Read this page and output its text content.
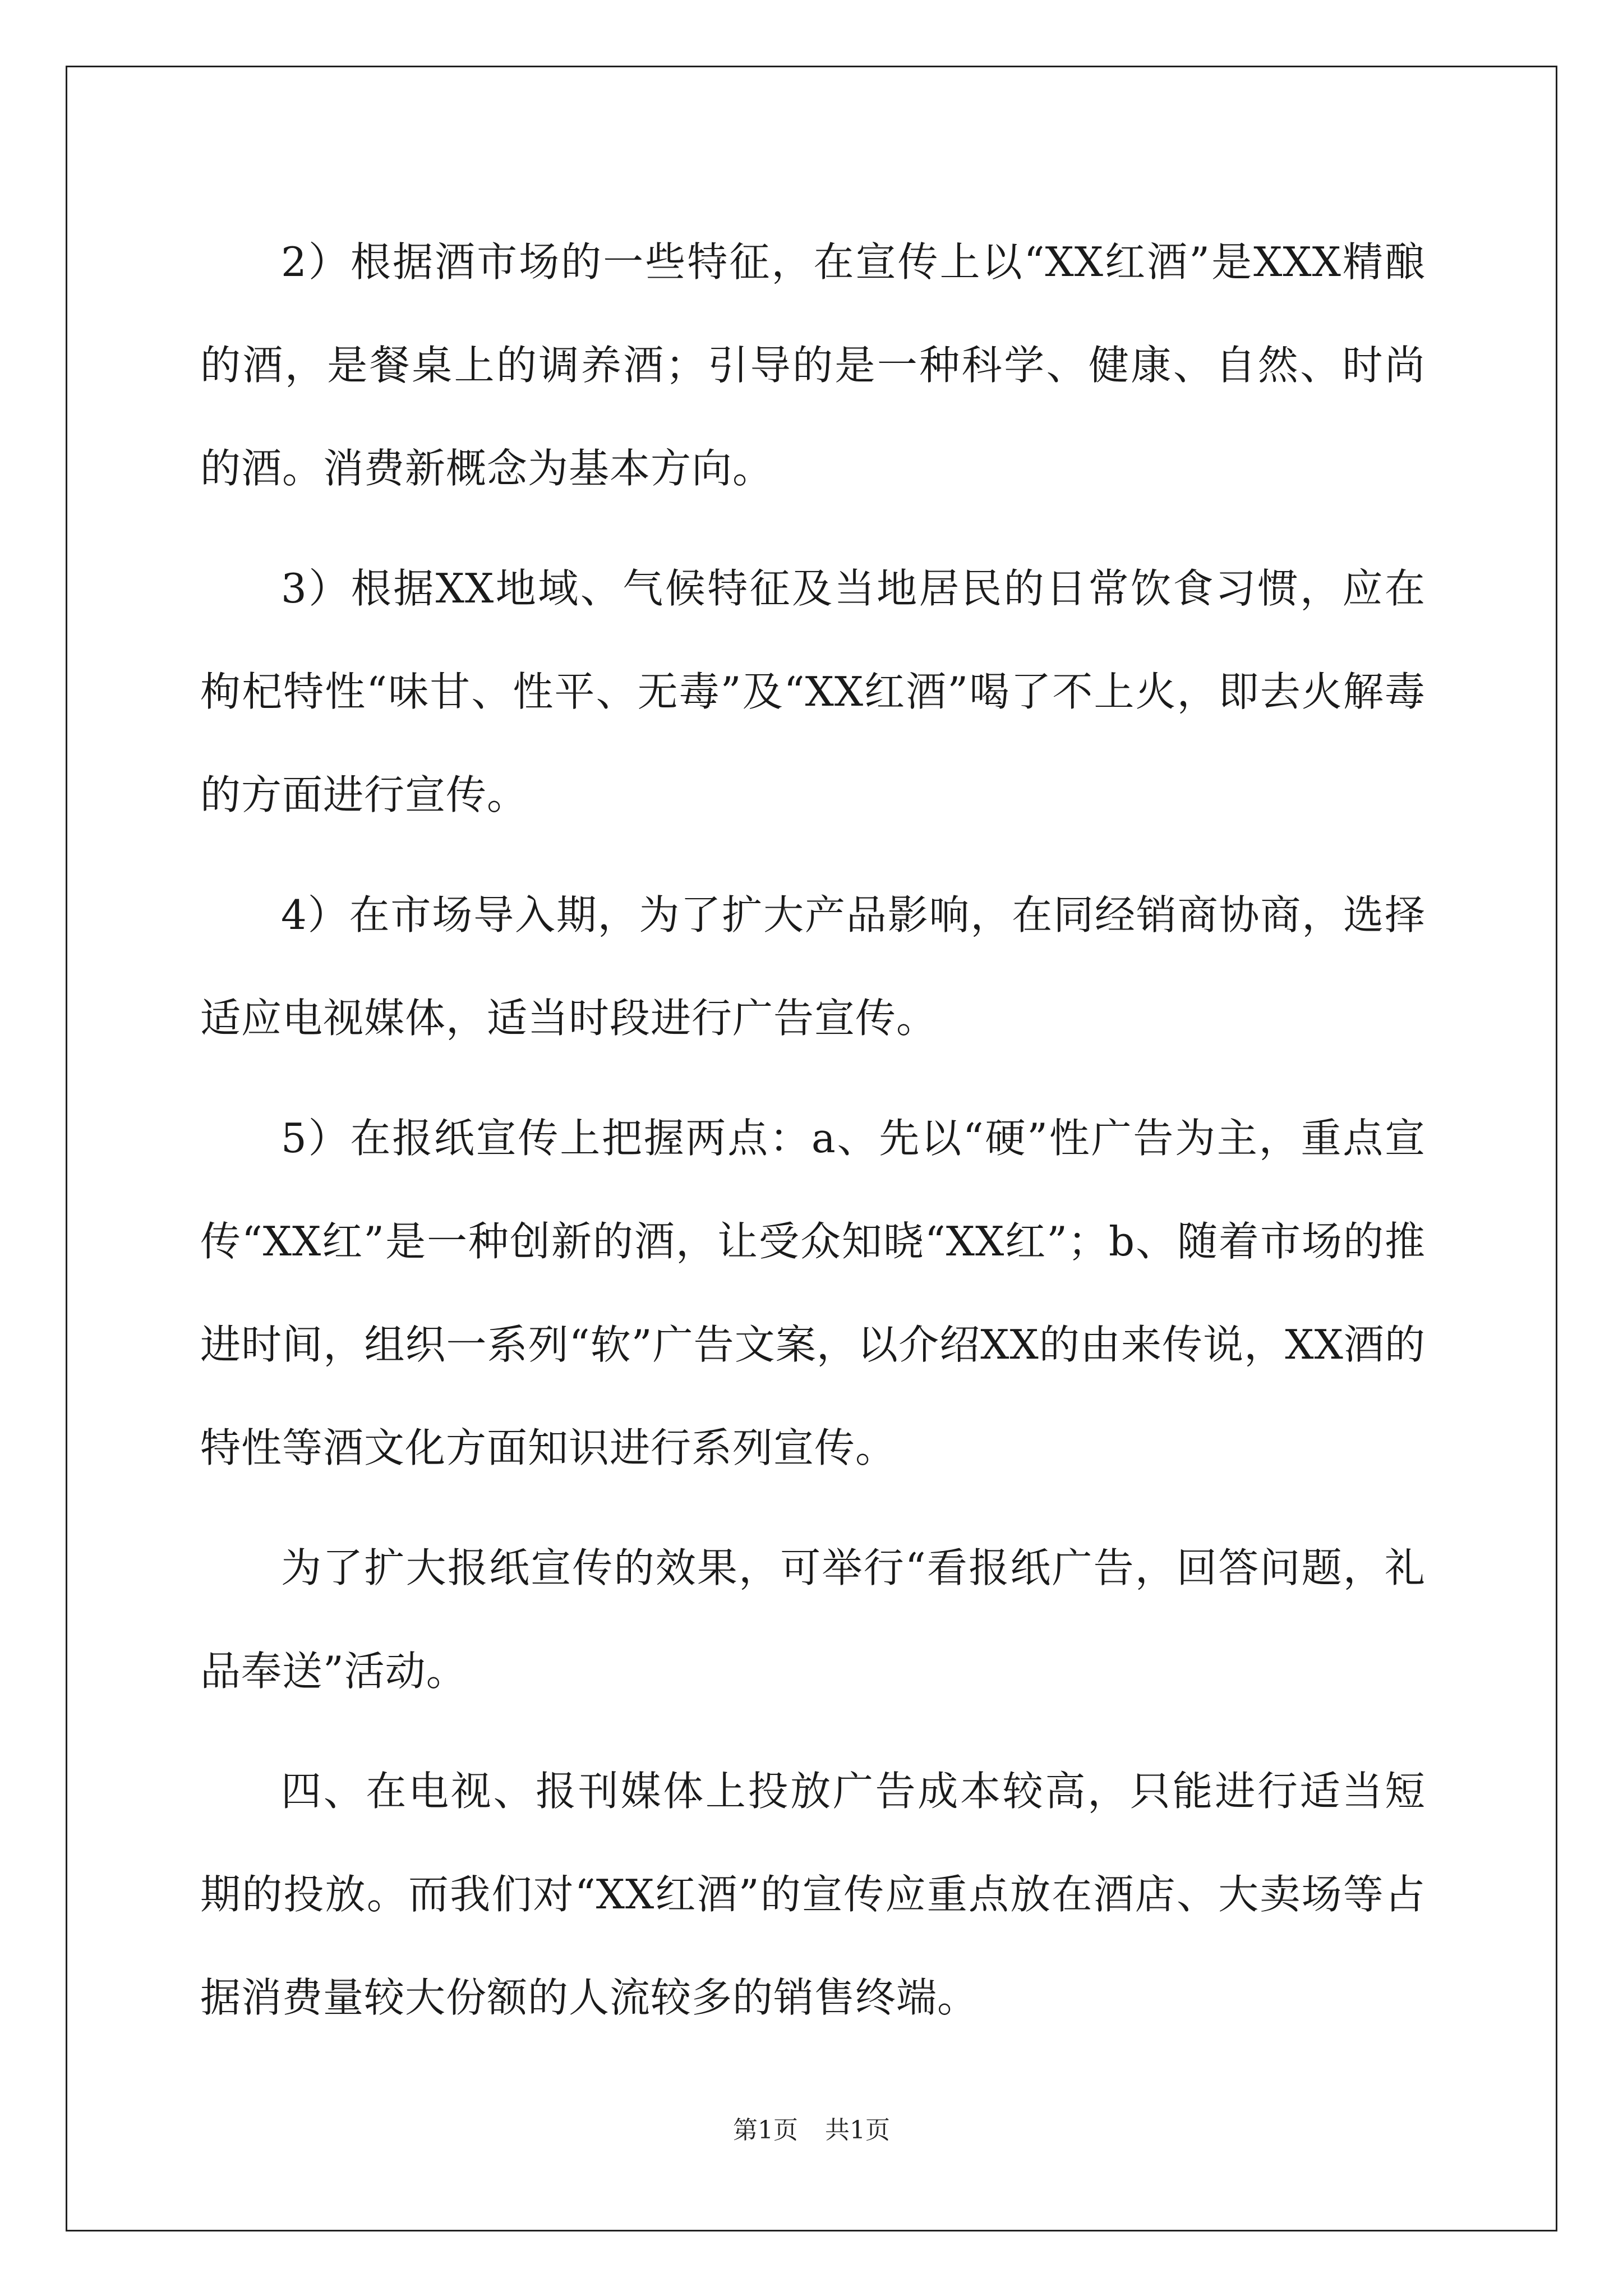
2）根据酒市场的一些特征，在宣传上以“XX红酒”是XXX精酿的酒，是餐桌上的调养酒；引导的是一种科学、健康、自然、时尚的酒。消费新概念为基本方向。

3）根据XX地域、气候特征及当地居民的日常饮食习惯，应在枸杞特性“味甘、性平、无毒”及“XX红酒”喝了不上火，即去火解毒的方面进行宣传。

4）在市场导入期，为了扩大产品影响，在同经销商协商，选择适应电视媒体，适当时段进行广告宣传。

5）在报纸宣传上把握两点：a、先以“硬”性广告为主，重点宣传“XX红”是一种创新的酒，让受众知晓“XX红”；b、随着市场的推进时间，组织一系列“软”广告文案，以介绍XX的由来传说，XX酒的特性等酒文化方面知识进行系列宣传。

为了扩大报纸宣传的效果，可举行“看报纸广告，回答问题，礼品奉送”活动。

四、在电视、报刊媒体上投放广告成本较高，只能进行适当短期的投放。而我们对“XX红酒”的宣传应重点放在酒店、大卖场等占据消费量较大份额的人流较多的销售终端。

第1页 共1页
